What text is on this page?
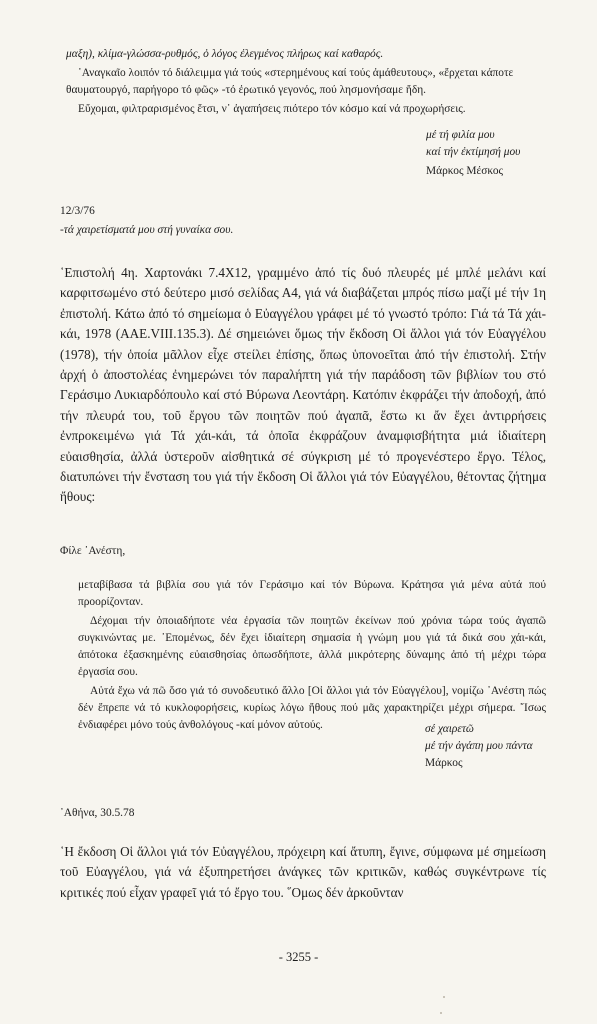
μαξη), κλίμα-γλώσσα-ρυθμός, ὁ λόγος ἐλεγμένος πλήρως καί καθαρός.

῾Αναγκαῖο λοιπόν τό διάλειμμα γιά τούς «στερημένους καί τούς ἀμάθευτους», «ἔρχεται κάποτε θαυματουργό, παρήγορο τό φῶς» -τό ἐρωτικό γεγονός, πού λησμονήσαμε ἤδη.

Εὔχομαι, φιλτραρισμένος ἔτσι, ν᾽ ἀγαπήσεις πιότερο τόν κόσμο καί νά προχωρήσεις.

μέ τή φιλία μου

καί τήν ἐκτίμησή μου

Μάρκος Μέσκος

12/3/76
-τά χαιρετίσματά μου στή γυναίκα σου.

῾Επιστολή 4η. Χαρτονάκι 7.4Χ12, γραμμένο ἀπό τίς δυό πλευρές μέ μπλέ μελάνι καί καρφιτσωμένο στό δεύτερο μισό σελίδας Α4, γιά νά διαβάζεται μπρός πίσω μαζί μέ τήν 1η ἐπιστολή. Κάτω ἀπό τό σημείωμα ὁ Εὐαγγέλου γράφει μέ τό γνωστό τρόπο: Γιά τά Τά χάι-κάι, 1978 (ΑΑΕ.VIII.135.3). Δέ σημειώνει ὅμως τήν ἔκδοση Οἱ ἄλλοι γιά τόν Εὐαγγέλου (1978), τήν ὁποία μᾶλλον εἶχε στείλει ἐπίσης, ὅπως ὑπονοεῖται ἀπό τήν ἐπιστολή. Στήν ἀρχή ὁ ἀποστολέας ἐνημερώνει τόν παραλήπτη γιά τήν παράδοση τῶν βιβλίων του στό Γεράσιμο Λυκιαρδόπουλο καί στό Βύρωνα Λεοντάρη. Κατόπιν ἐκφράζει τήν ἀποδοχή, ἀπό τήν πλευρά του, τοῦ ἔργου τῶν ποιητῶν πού ἀγαπᾶ, ἔστω κι ἄν ἔχει ἀντιρρήσεις ἐνπροκειμένω γιά Τά χάι-κάι, τά ὁποῖα ἐκφράζουν ἀναμφισβήτητα μιά ἰδιαίτερη εὐαισθησία, ἀλλά ὑστεροῦν αἰσθητικά σέ σύγκριση μέ τό προγενέστερο ἔργο. Τέλος, διατυπώνει τήν ἔνσταση του γιά τήν ἔκδοση Οἱ ἄλλοι γιά τόν Εὐαγγέλου, θέτοντας ζήτημα ἤθους:

Φίλε ᾽Ανέστη,

μεταβίβασα τά βιβλία σου γιά τόν Γεράσιμο καί τόν Βύρωνα. Κράτησα γιά μένα αὐτά πού προορίζονταν.

Δέχομαι τήν ὁποιαδήποτε νέα ἐργασία τῶν ποιητῶν ἐκείνων πού χρόνια τώρα τούς ἀγαπῶ συγκινώντας με. ᾽Επομένως, δέν ἔχει ἰδιαίτερη σημασία ἡ γνώμη μου γιά τά δικά σου χάι-κάι, ἀπότοκα ἐξασκημένης εὐαισθησίας ὁπωσδήποτε, ἀλλά μικρότερης δύναμης ἀπό τή μέχρι τώρα ἐργασία σου.

Αὐτά ἔχω νά πῶ ὅσο γιά τό συνοδευτικό ἄλλο [Οἱ ἄλλοι γιά τόν Εὐαγγέλου], νομίζω ᾽Ανέστη πώς δέν ἔπρεπε νά τό κυκλοφορήσεις, κυρίως λόγω ἤθους πού μᾶς χαρακτηρίζει μέχρι σήμερα. ῎Ισως ἐνδιαφέρει μόνο τούς ἀνθολόγους -καί μόνον αὐτούς.	σέ χαιρετῶ

μέ τήν ἀγάπη μου πάντα

Μάρκος

᾽Αθήνα, 30.5.78

῾Η ἔκδοση Οἱ ἄλλοι γιά τόν Εὐαγγέλου, πρόχειρη καί ἄτυπη, ἔγινε, σύμφωνα μέ σημείωση τοῦ Εὐαγγέλου, γιά νά ἐξυπηρετήσει ἀνάγκες τῶν κριτικῶν, καθώς συγκέντρωνε τίς κριτικές πού εἶχαν γραφεῖ γιά τό ἔργο του. ῞Ομως δέν ἀρκοῦνταν

- 3255 -
